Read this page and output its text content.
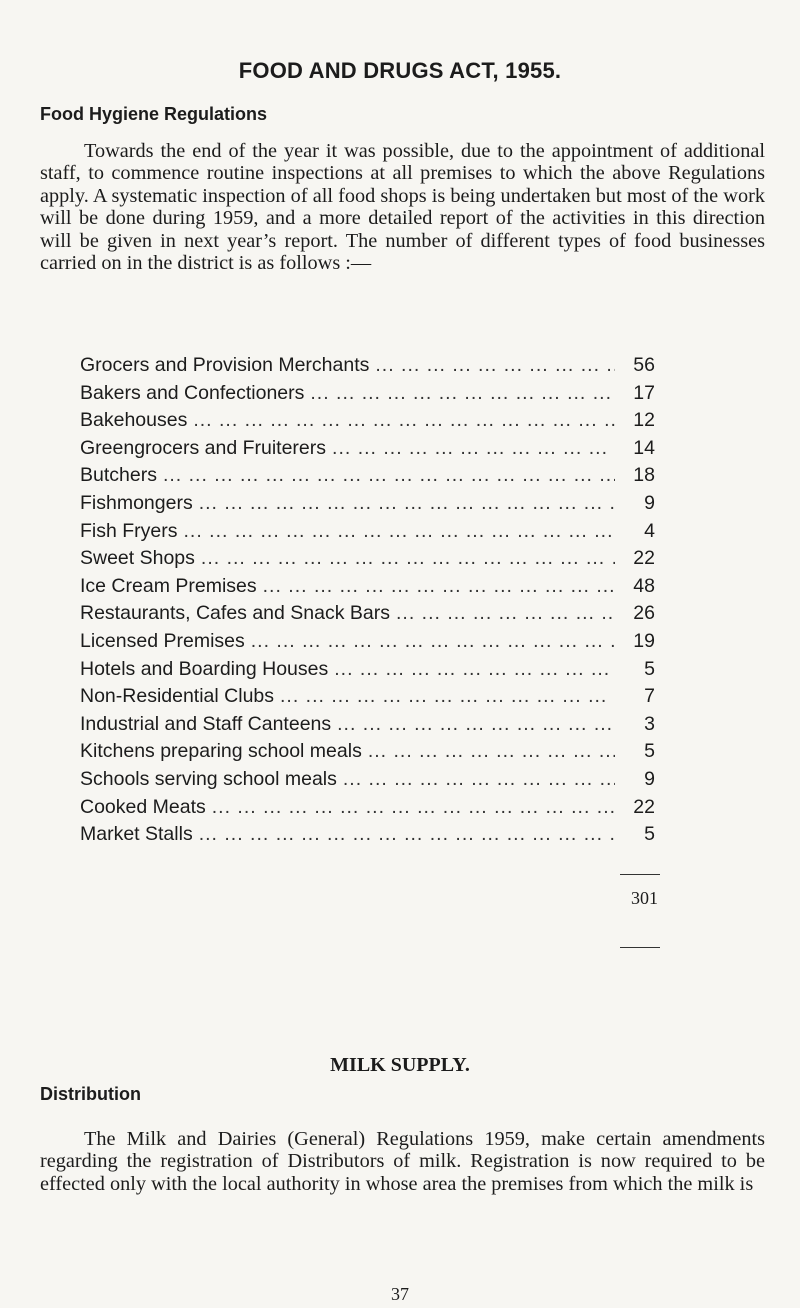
FOOD AND DRUGS ACT, 1955.
Food Hygiene Regulations
Towards the end of the year it was possible, due to the appointment of additional staff, to commence routine inspections at all premises to which the above Regulations apply. A systematic inspection of all food shops is being undertaken but most of the work will be done during 1959, and a more detailed report of the activities in this direction will be given in next year’s report. The number of different types of food businesses carried on in the district is as follows :—
Grocers and Provision Merchants ... .	56
Bakers and Confectioners ... .	17
Bakehouses ... .	12
Greengrocers and Fruiterers ... .	14
Butchers ... .	18
Fishmongers ... .	9
Fish Fryers ... .	4
Sweet Shops ... .	22
Ice Cream Premises ... .	48
Restaurants, Cafes and Snack Bars ... .	26
Licensed Premises ... .	19
Hotels and Boarding Houses ... .	5
Non-Residential Clubs ... .	7
Industrial and Staff Canteens ... .	3
Kitchens preparing school meals ... .	5
Schools serving school meals ... .	9
Cooked Meats ... .	22
Market Stalls ... .	5
301
MILK SUPPLY.
Distribution
The Milk and Dairies (General) Regulations 1959, make certain amendments regarding the registration of Distributors of milk. Registration is now required to be effected only with the local authority in whose area the premises from which the milk is
37
